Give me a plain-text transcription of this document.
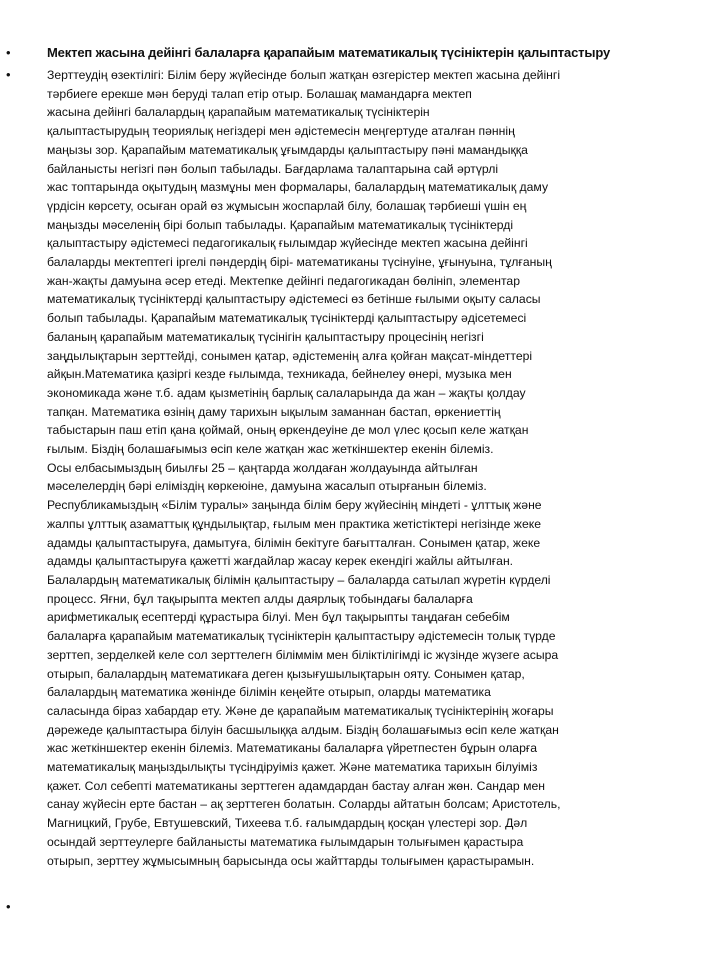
•	Мектеп жасына дейінгі балаларға қарапайым математикалық түсініктерін қалыптастыру
•	Зерттеудің өзектілігі: Білім беру жүйесінде болып жатқан өзгерістер мектеп жасына дейінгі
тәрбиеге ерекше мән беруді талап етір отыр. Болашақ мамандарға мектеп
жасына дейінгі балалардың қарапайым математикалық түсініктерін
қалыптастырудың теориялық негіздері мен әдістемесін меңгертуде аталған пәннің
маңызы зор. Қарапайым математикалық ұғымдарды қалыптастыру пәні мамандыққа
байланысты негізгі пән болып табылады. Бағдарлама талаптарына сай әртүрлі
жас топтарында оқытудың мазмұны мен формалары, балалардың математикалық даму
үрдісін көрсету, осыған орай өз жұмысын жоспарлай білу, болашақ тәрбиеші үшін ең
маңызды мәселенің бірі болып табылады. Қарапайым математикалық түсініктерді
қалыптастыру әдістемесі педагогикалық ғылымдар жүйесінде мектеп жасына дейінгі
балаларды мектептегі іргелі пәндердің бірі- математиканы түсінуіне, ұғынуына, тұлғаның
жан-жақты дамуына әсер етеді. Мектепке дейінгі педагогикадан бөлініп, элементар
математикалық түсініктерді қалыптастыру әдістемесі өз бетінше ғылыми оқыту саласы
болып табылады. Қарапайым математикалық түсініктерді қалыптастыру әдісетемесі
баланың қарапайым математикалық түсінігін қалыптастыру процесінің негізгі
заңдылықтарын зерттейді, сонымен қатар, әдістеменің алға қойған мақсат-міндеттері
айқын.Математика қазіргі кезде ғылымда, техникада, бейнелеу өнері, музыка мен
экономикада және т.б. адам қызметінің барлық салаларында да жан – жақты қолдау
тапқан. Математика өзінің даму тарихын ықылым заманнан бастап, өркениеттің
табыстарын паш етіп қана қоймай, оның өркендеуіне де мол үлес қосып келе жатқан
ғылым. Біздің болашағымыз өсіп келе жатқан жас жеткіншектер екенін білеміз.
Осы елбасымыздың биылғы 25 – қаңтарда жолдаған жолдауында айтылған
мәселелердің бәрі еліміздің көркеюіне, дамуына жасалып отырғанын білеміз.
Республикамыздың «Білім туралы» заңында білім беру жүйесінің міндеті - ұлттық және
жалпы ұлттық азаматтық құндылықтар, ғылым мен практика жетістіктері негізінде жеке
адамды қалыптастыруға, дамытуға, білімін бекітуге бағытталған. Сонымен қатар, жеке
адамды қалыптастыруға қажетті жағдайлар жасау керек екендігі жайлы айтылған.
Балалардың математикалық білімін қалыптастыру – балаларда сатылап жүретін күрделі
процесс. Яғни, бұл тақырыпта мектеп алды даярлық тобындағы балаларға
арифметикалық есептерді құрастыра білуі. Мен бұл тақырыпты таңдаған себебім
балаларға қарапайым математикалық түсініктерін қалыптастыру әдістемесін толық түрде
зерттеп, зерделкей келе сол зерттелегн біліммім мен біліктілігімді іс жүзінде жүзеге асыра
отырып, балалардың математикаға деген қызығушылықтарын ояту. Сонымен қатар,
балалардың математика жөнінде білімін кеңейте отырып, оларды математика
саласында біраз хабардар ету. Және де қарапайым математикалық түсініктерінің жоғары
дәрежеде қалыптастыра білуін басшылыққа алдым. Біздің болашағымыз өсіп келе жатқан
жас жеткіншектер екенін білеміз. Математиканы балаларға үйретпестен бұрын оларға
математикалық маңыздылықты түсіндіруіміз қажет. Және математика тарихын білуіміз
қажет. Сол себепті математиканы зерттеген адамдардан бастау алған жөн. Сандар мен
санау жүйесін ерте бастан – ақ зерттеген болатын. Соларды айтатын болсам; Аристотель,
Магницкий, Грубе, Евтушевский, Тихеева т.б. ғалымдардың қосқан үлестері зор. Дәл
осындай зерттеулерге байланысты математика ғылымдарын толығымен қарастыра
отырып, зерттеу жұмысымның барысында осы жайттарды толығымен қарастырамын.

•
